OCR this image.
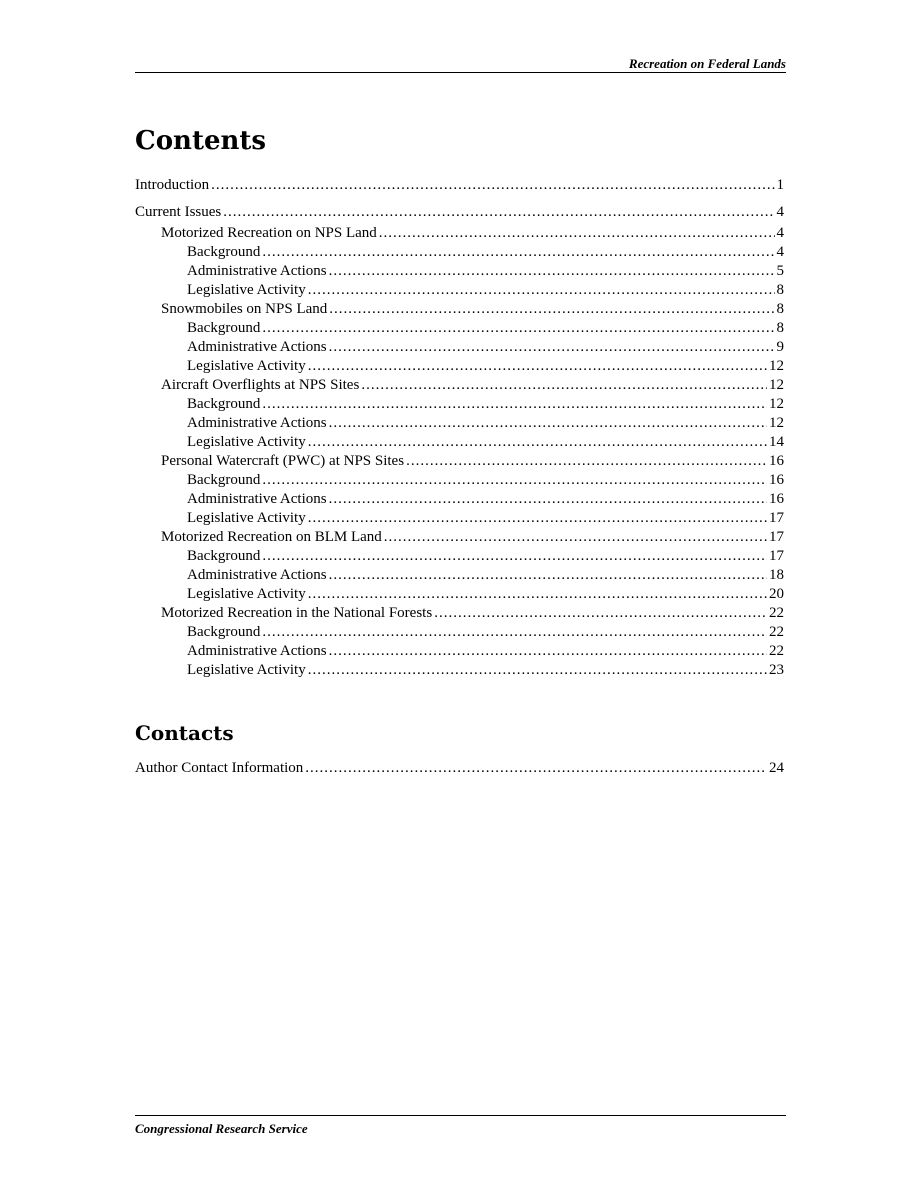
Recreation on Federal Lands
Contents
Introduction .....	1
Current Issues .....	4
Motorized Recreation on NPS Land .....	4
Background .....	4
Administrative Actions .....	5
Legislative Activity .....	8
Snowmobiles on NPS Land .....	8
Background .....	8
Administrative Actions .....	9
Legislative Activity .....	12
Aircraft Overflights at NPS Sites .....	12
Background .....	12
Administrative Actions .....	12
Legislative Activity .....	14
Personal Watercraft (PWC) at NPS Sites .....	16
Background .....	16
Administrative Actions .....	16
Legislative Activity .....	17
Motorized Recreation on BLM Land .....	17
Background .....	17
Administrative Actions .....	18
Legislative Activity .....	20
Motorized Recreation in the National Forests .....	22
Background .....	22
Administrative Actions .....	22
Legislative Activity .....	23
Contacts
Author Contact Information .....	24
Congressional Research Service
